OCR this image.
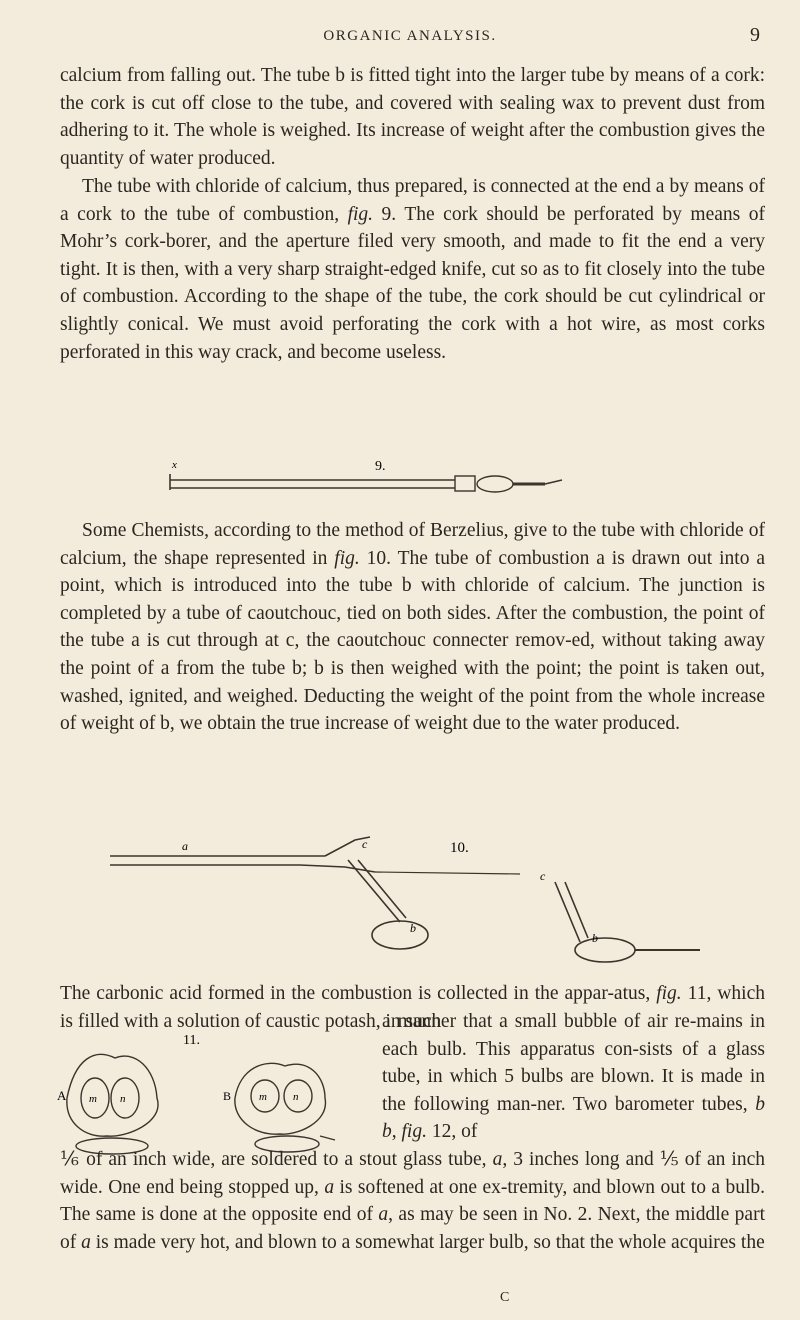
ORGANIC ANALYSIS.	9

calcium from falling out. The tube b is fitted tight into the larger tube by means of a cork: the cork is cut off close to the tube, and covered with sealing wax to prevent dust from adhering to it. The whole is weighed. Its increase of weight after the combustion gives the quantity of water produced.

The tube with chloride of calcium, thus prepared, is connected at the end a by means of a cork to the tube of combustion, fig. 9. The cork should be perforated by means of Mohr’s cork-borer, and the aperture filed very smooth, and made to fit the end a very tight. It is then, with a very sharp straight-edged knife, cut so as to fit closely into the tube of combustion. According to the shape of the tube, the cork should be cut cylindrical or slightly conical. We must avoid perforating the cork with a hot wire, as most corks perforated in this way crack, and become useless.

x	9.

Some Chemists, according to the method of Berzelius, give to the tube with chloride of calcium, the shape represented in fig. 10. The tube of combustion a is drawn out into a point, which is introduced into the tube b with chloride of calcium. The junction is completed by a tube of caoutchouc, tied on both sides. After the combustion, the point of the tube a is cut through at c, the caoutchouc connecter remov-ed, without taking away the point of a from the tube b; b is then weighed with the point; the point is taken out, washed, ignited, and weighed. Deducting the weight of the point from the whole increase of weight of b, we obtain the true increase of weight due to the water produced.

a	10.
c
b
c
b
The carbonic acid formed in the combustion is collected in the appar-atus, fig. 11, which is filled with a solution of caustic potash, in such
11.
A m n	B	m n
a manner that a small bubble of air re-mains in each bulb. This apparatus con-sists of a glass tube, in which 5 bulbs are blown. It is made in the following man-ner. Two barometer tubes, b b, fig. 12, of
⅙ of an inch wide, are soldered to a stout glass tube, a, 3 inches long and ⅕ of an inch wide. One end being stopped up, a is softened at one ex-tremity, and blown out to a bulb. The same is done at the opposite end of a, as may be seen in No. 2. Next, the middle part of a is made very hot, and blown to a somewhat larger bulb, so that the whole acquires the
C
